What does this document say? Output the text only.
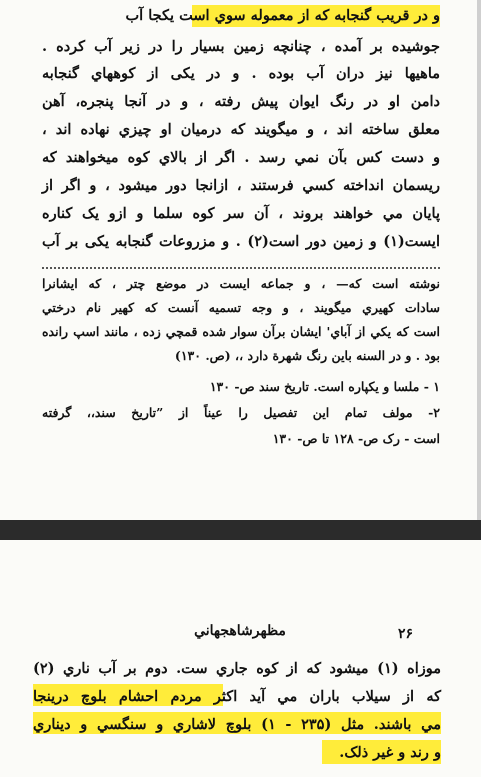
و در قریب گنجابه که از معموله سوي است یکجا آب
جوشیده بر آمده ، چنانچه زمین بسیار را در زیر آب کرده .
ماهیها نیز دران آب بوده . و در یکی از کوههاي گنجابه
دامن او در رنگ ایوان پیش رفته ، و در آنجا پنجره، آهن
معلق ساخته اند ، و میگویند که درمیان او چیزي نهاده اند ،
و دست کس بآن نمي رسد . اگر از بالاي کوه میخواهند که
ریسمان انداخته کسي فرستند ، ازانجا دور میشود ، و اگر از
پایان مي خواهند بروند ، آن سر کوه سلما و ازو یک کناره
ایست(۱) و زمین دور است(۲) . و مزروعات گنجابه یکی بر آب
نوشته است که— ، و جماعه ایست در موضع چتر ، که ایشانرا
سادات کهیري میگویند ، و وجه تسمیه آنست که کهیر نام درختي
است که یکي از آباي' ایشان برآن سوار شده قمچي زده ، مانند اسپ رانده
بود . و در السنه باین رنگ شهرة دارد ،، (ص. ۱۳۰)
۱ - ملسا و یکپاره است. تاریخ سند ص- ۱۳۰
۲- مولف تمام این تفصیل را عیناً از ”تاریخ سند،، گرفته
است - رک ص- ۱۲۸ تا ص- ۱۳۰
۲۶
مظهرشاهجهاني
موزاه (۱) میشود که از کوه جاري ست. دوم بر آب ناري (۲)
که از سیلاب باران مي آید اکثر مردم احشام بلوچ درینجا
مي باشند. مثل (۲۳۵ - ۱) بلوچ لاشاري و سنگسي و دیناري
و رند و غیر ذلک.
